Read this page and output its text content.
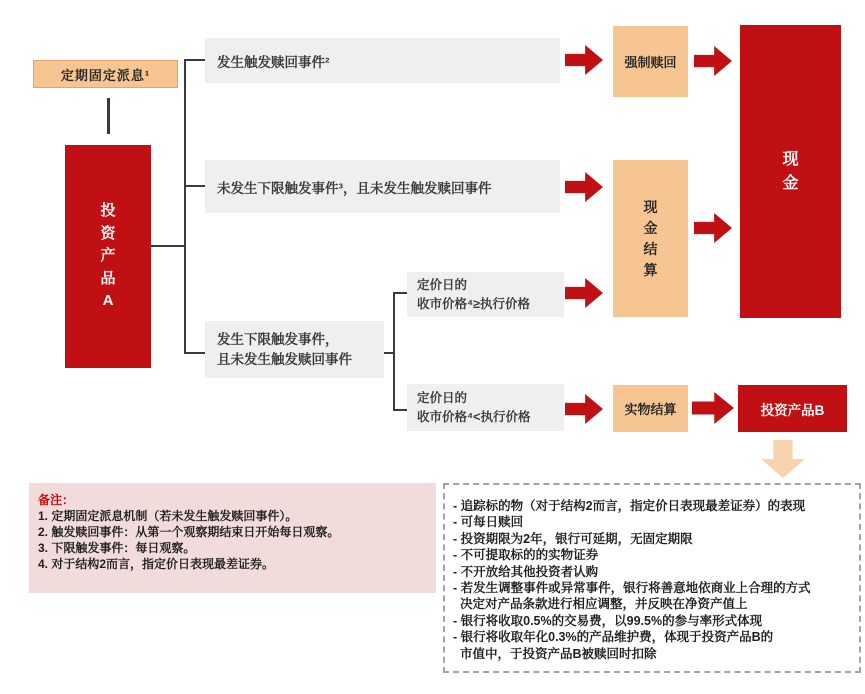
定期固定派息¹
投资产品A
发生触发赎回事件²
未发生下限触发事件³，且未发生触发赎回事件
发生下限触发事件，
且未发生触发赎回事件
定价日的
收市价格⁴≥执行价格
定价日的
收市价格⁴<执行价格
强制赎回
现金结算
实物结算
现金
投资产品B
备注：
1. 定期固定派息机制（若未发生触发赎回事件）。
2. 触发赎回事件：从第一个观察期结束日开始每日观察。
3. 下限触发事件：每日观察。
4. 对于结构2而言，指定价日表现最差证券。
- 追踪标的物（对于结构2而言，指定价日表现最差证券）的表现
- 可每日赎回
- 投资期限为2年，银行可延期，无固定期限
- 不可提取标的的实物证券
- 不开放给其他投资者认购
- 若发生调整事件或异常事件，银行将善意地依商业上合理的方式
决定对产品条款进行相应调整，并反映在净资产值上
- 银行将收取0.5%的交易费，以99.5%的参与率形式体现
- 银行将收取年化0.3%的产品维护费，体现于投资产品B的
市值中，于投资产品B被赎回时扣除
